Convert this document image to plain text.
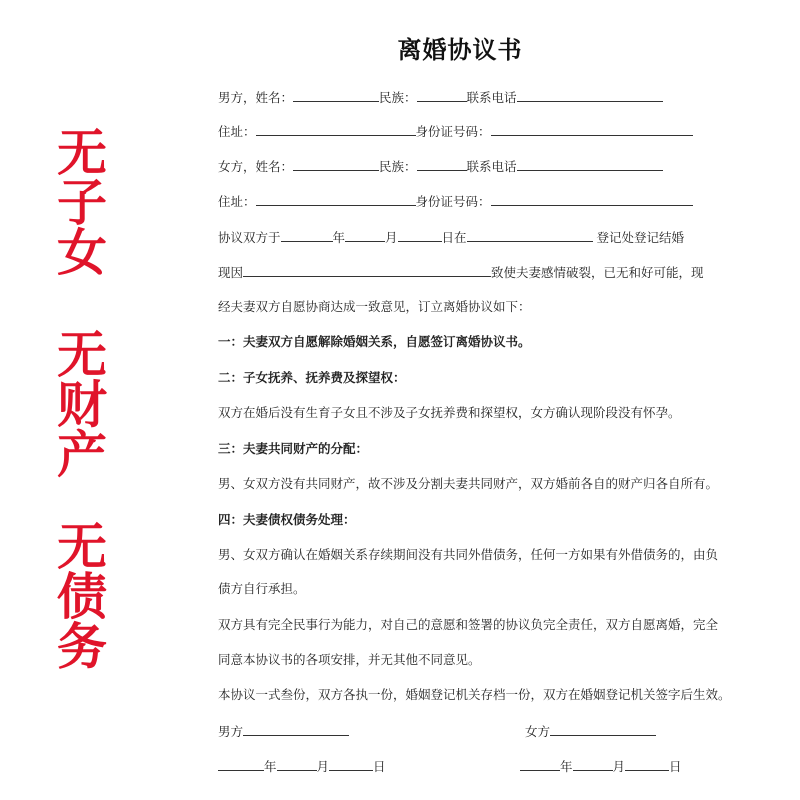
无
子
女
无
财
产
无
债
务
离婚协议书
男方，姓名：	民族：	联系电话
住址：	身份证号码：
女方，姓名：	民族：	联系电话
住址：	身份证号码：
协议双方于	年	月	日在	登记处登记结婚
现因	致使夫妻感情破裂，已无和好可能，现
经夫妻双方自愿协商达成一致意见，订立离婚协议如下：
一：夫妻双方自愿解除婚姻关系，自愿签订离婚协议书。
二：子女抚养、抚养费及探望权：
双方在婚后没有生育子女且不涉及子女抚养费和探望权，女方确认现阶段没有怀孕。
三：夫妻共同财产的分配：
男、女双方没有共同财产，故不涉及分割夫妻共同财产，双方婚前各自的财产归各自所有。
四：夫妻债权债务处理：
男、女双方确认在婚姻关系存续期间没有共同外借债务，任何一方如果有外借债务的，由负
债方自行承担。
双方具有完全民事行为能力，对自己的意愿和签署的协议负完全责任，双方自愿离婚，完全
同意本协议书的各项安排，并无其他不同意见。
本协议一式叁份，双方各执一份，婚姻登记机关存档一份，双方在婚姻登记机关签字后生效。
男方	女方
年	月	日	年	月	日
